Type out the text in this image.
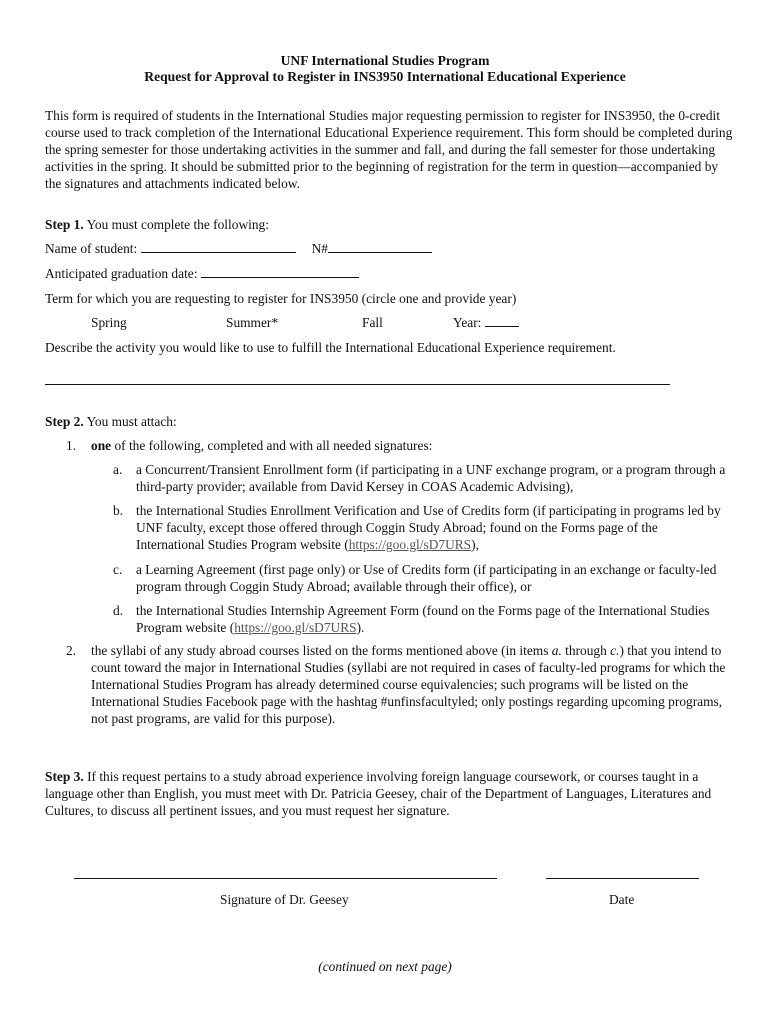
UNF International Studies Program
Request for Approval to Register in INS3950 International Educational Experience
This form is required of students in the International Studies major requesting permission to register for INS3950, the 0-credit course used to track completion of the International Educational Experience requirement. This form should be completed during the spring semester for those undertaking activities in the summer and fall, and during the fall semester for those undertaking activities in the spring. It should be submitted prior to the beginning of registration for the term in question—accompanied by the signatures and attachments indicated below.
Step 1. You must complete the following:
Name of student:	N#
Anticipated graduation date:
Term for which you are requesting to register for INS3950 (circle one and provide year)
Spring	Summer*	Fall	Year:
Describe the activity you would like to use to fulfill the International Educational Experience requirement.
Step 2. You must attach:
1.	one of the following, completed and with all needed signatures:
a.	a Concurrent/Transient Enrollment form (if participating in a UNF exchange program, or a program through a third-party provider; available from David Kersey in COAS Academic Advising),
b. the International Studies Enrollment Verification and Use of Credits form (if participating in programs led by UNF faculty, except those offered through Coggin Study Abroad; found on the Forms page of the International Studies Program website (https://goo.gl/sD7URS),
c.	a Learning Agreement (first page only) or Use of Credits form (if participating in an exchange or faculty-led program through Coggin Study Abroad; available through their office), or
d. the International Studies Internship Agreement Form (found on the Forms page of the International Studies Program website (https://goo.gl/sD7URS).
2.	the syllabi of any study abroad courses listed on the forms mentioned above (in items a. through c.) that you intend to count toward the major in International Studies (syllabi are not required in cases of faculty-led programs for which the International Studies Program has already determined course equivalencies; such programs will be listed on the International Studies Facebook page with the hashtag #unfinsfacultyled; only postings regarding upcoming programs, not past programs, are valid for this purpose).
Step 3. If this request pertains to a study abroad experience involving foreign language coursework, or courses taught in a language other than English, you must meet with Dr. Patricia Geesey, chair of the Department of Languages, Literatures and Cultures, to discuss all pertinent issues, and you must request her signature.
Signature of Dr. Geesey	Date
(continued on next page)
